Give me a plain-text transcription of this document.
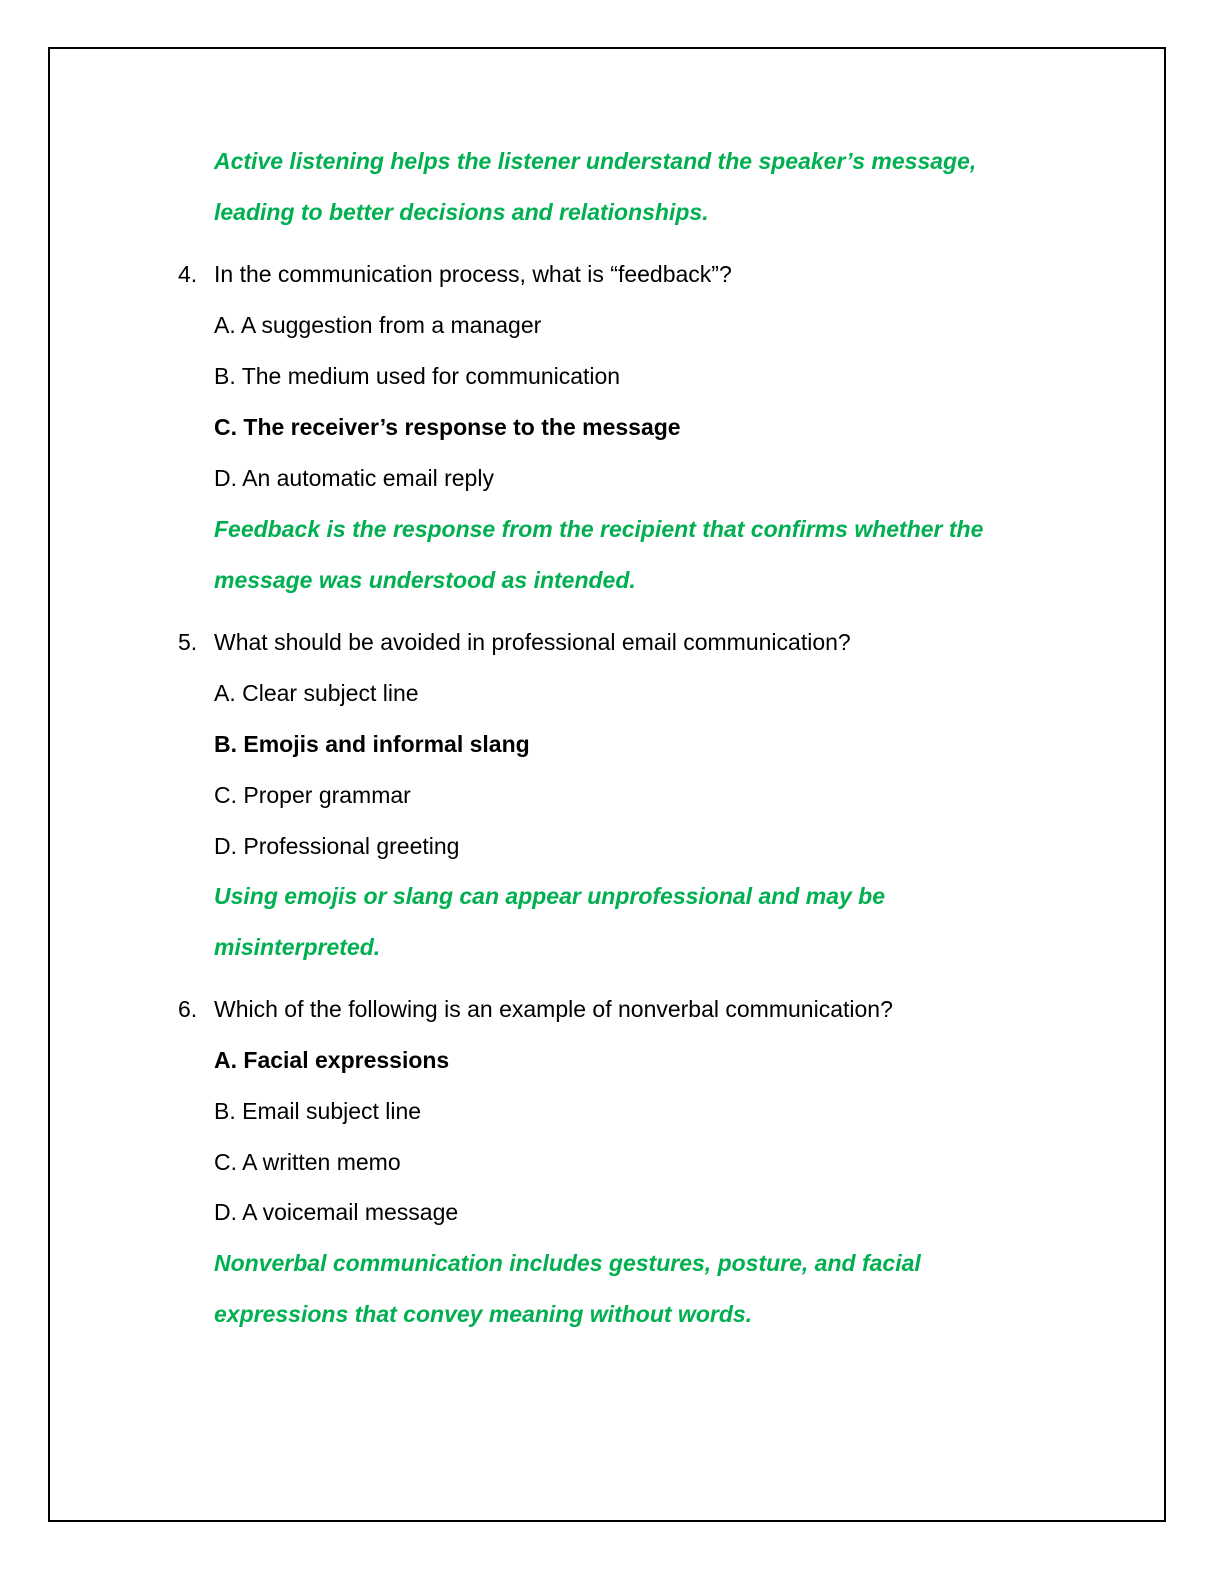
Active listening helps the listener understand the speaker’s message,
leading to better decisions and relationships.
4. In the communication process, what is “feedback”?
A. A suggestion from a manager
B. The medium used for communication
C. The receiver’s response to the message
D. An automatic email reply
Feedback is the response from the recipient that confirms whether the
message was understood as intended.
5. What should be avoided in professional email communication?
A. Clear subject line
B. Emojis and informal slang
C. Proper grammar
D. Professional greeting
Using emojis or slang can appear unprofessional and may be
misinterpreted.
6. Which of the following is an example of nonverbal communication?
A. Facial expressions
B. Email subject line
C. A written memo
D. A voicemail message
Nonverbal communication includes gestures, posture, and facial
expressions that convey meaning without words.
